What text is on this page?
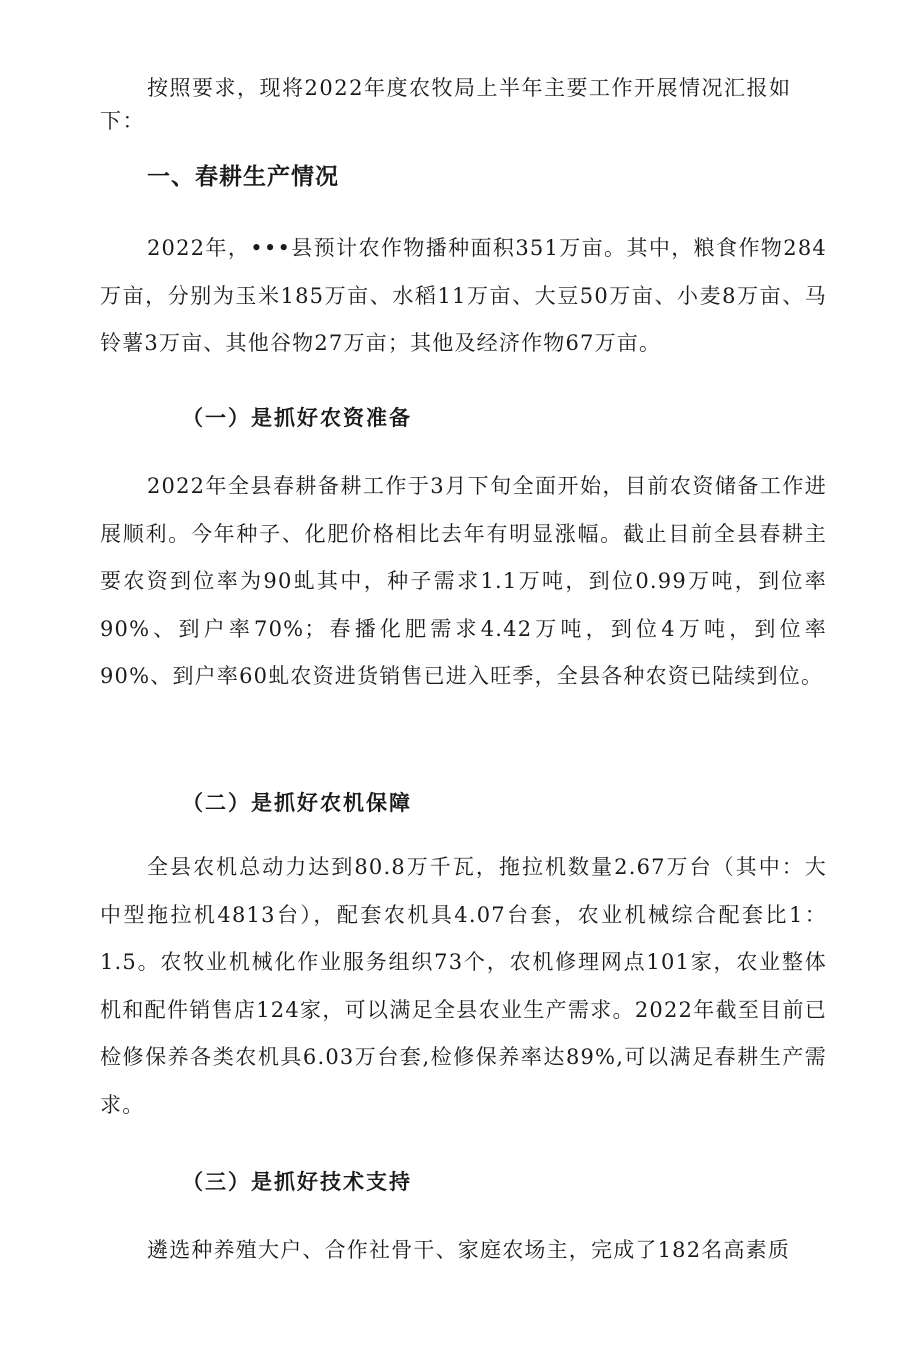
按照要求，现将2022年度农牧局上半年主要工作开展情况汇报如下：

一、春耕生产情况

2022年，•••县预计农作物播种面积351万亩。其中，粮食作物284万亩，分别为玉米185万亩、水稻11万亩、大豆50万亩、小麦8万亩、马铃薯3万亩、其他谷物27万亩；其他及经济作物67万亩。

（一）是抓好农资准备

2022年全县春耕备耕工作于3月下旬全面开始，目前农资储备工作进展顺利。今年种子、化肥价格相比去年有明显涨幅。截止目前全县春耕主要农资到位率为90虬其中，种子需求1.1万吨，到位0.99万吨，到位率90%、到户率70%；春播化肥需求4.42万吨，到位4万吨，到位率90%、到户率60虬农资进货销售已进入旺季，全县各种农资已陆续到位。

（二）是抓好农机保障

全县农机总动力达到80.8万千瓦，拖拉机数量2.67万台（其中：大中型拖拉机4813台），配套农机具4.07台套，农业机械综合配套比1：1.5。农牧业机械化作业服务组织73个，农机修理网点101家，农业整体机和配件销售店124家，可以满足全县农业生产需求。2022年截至目前已检修保养各类农机具6.03万台套,检修保养率达89%,可以满足春耕生产需求。

（三）是抓好技术支持

遴选种养殖大户、合作社骨干、家庭农场主，完成了182名高素质
